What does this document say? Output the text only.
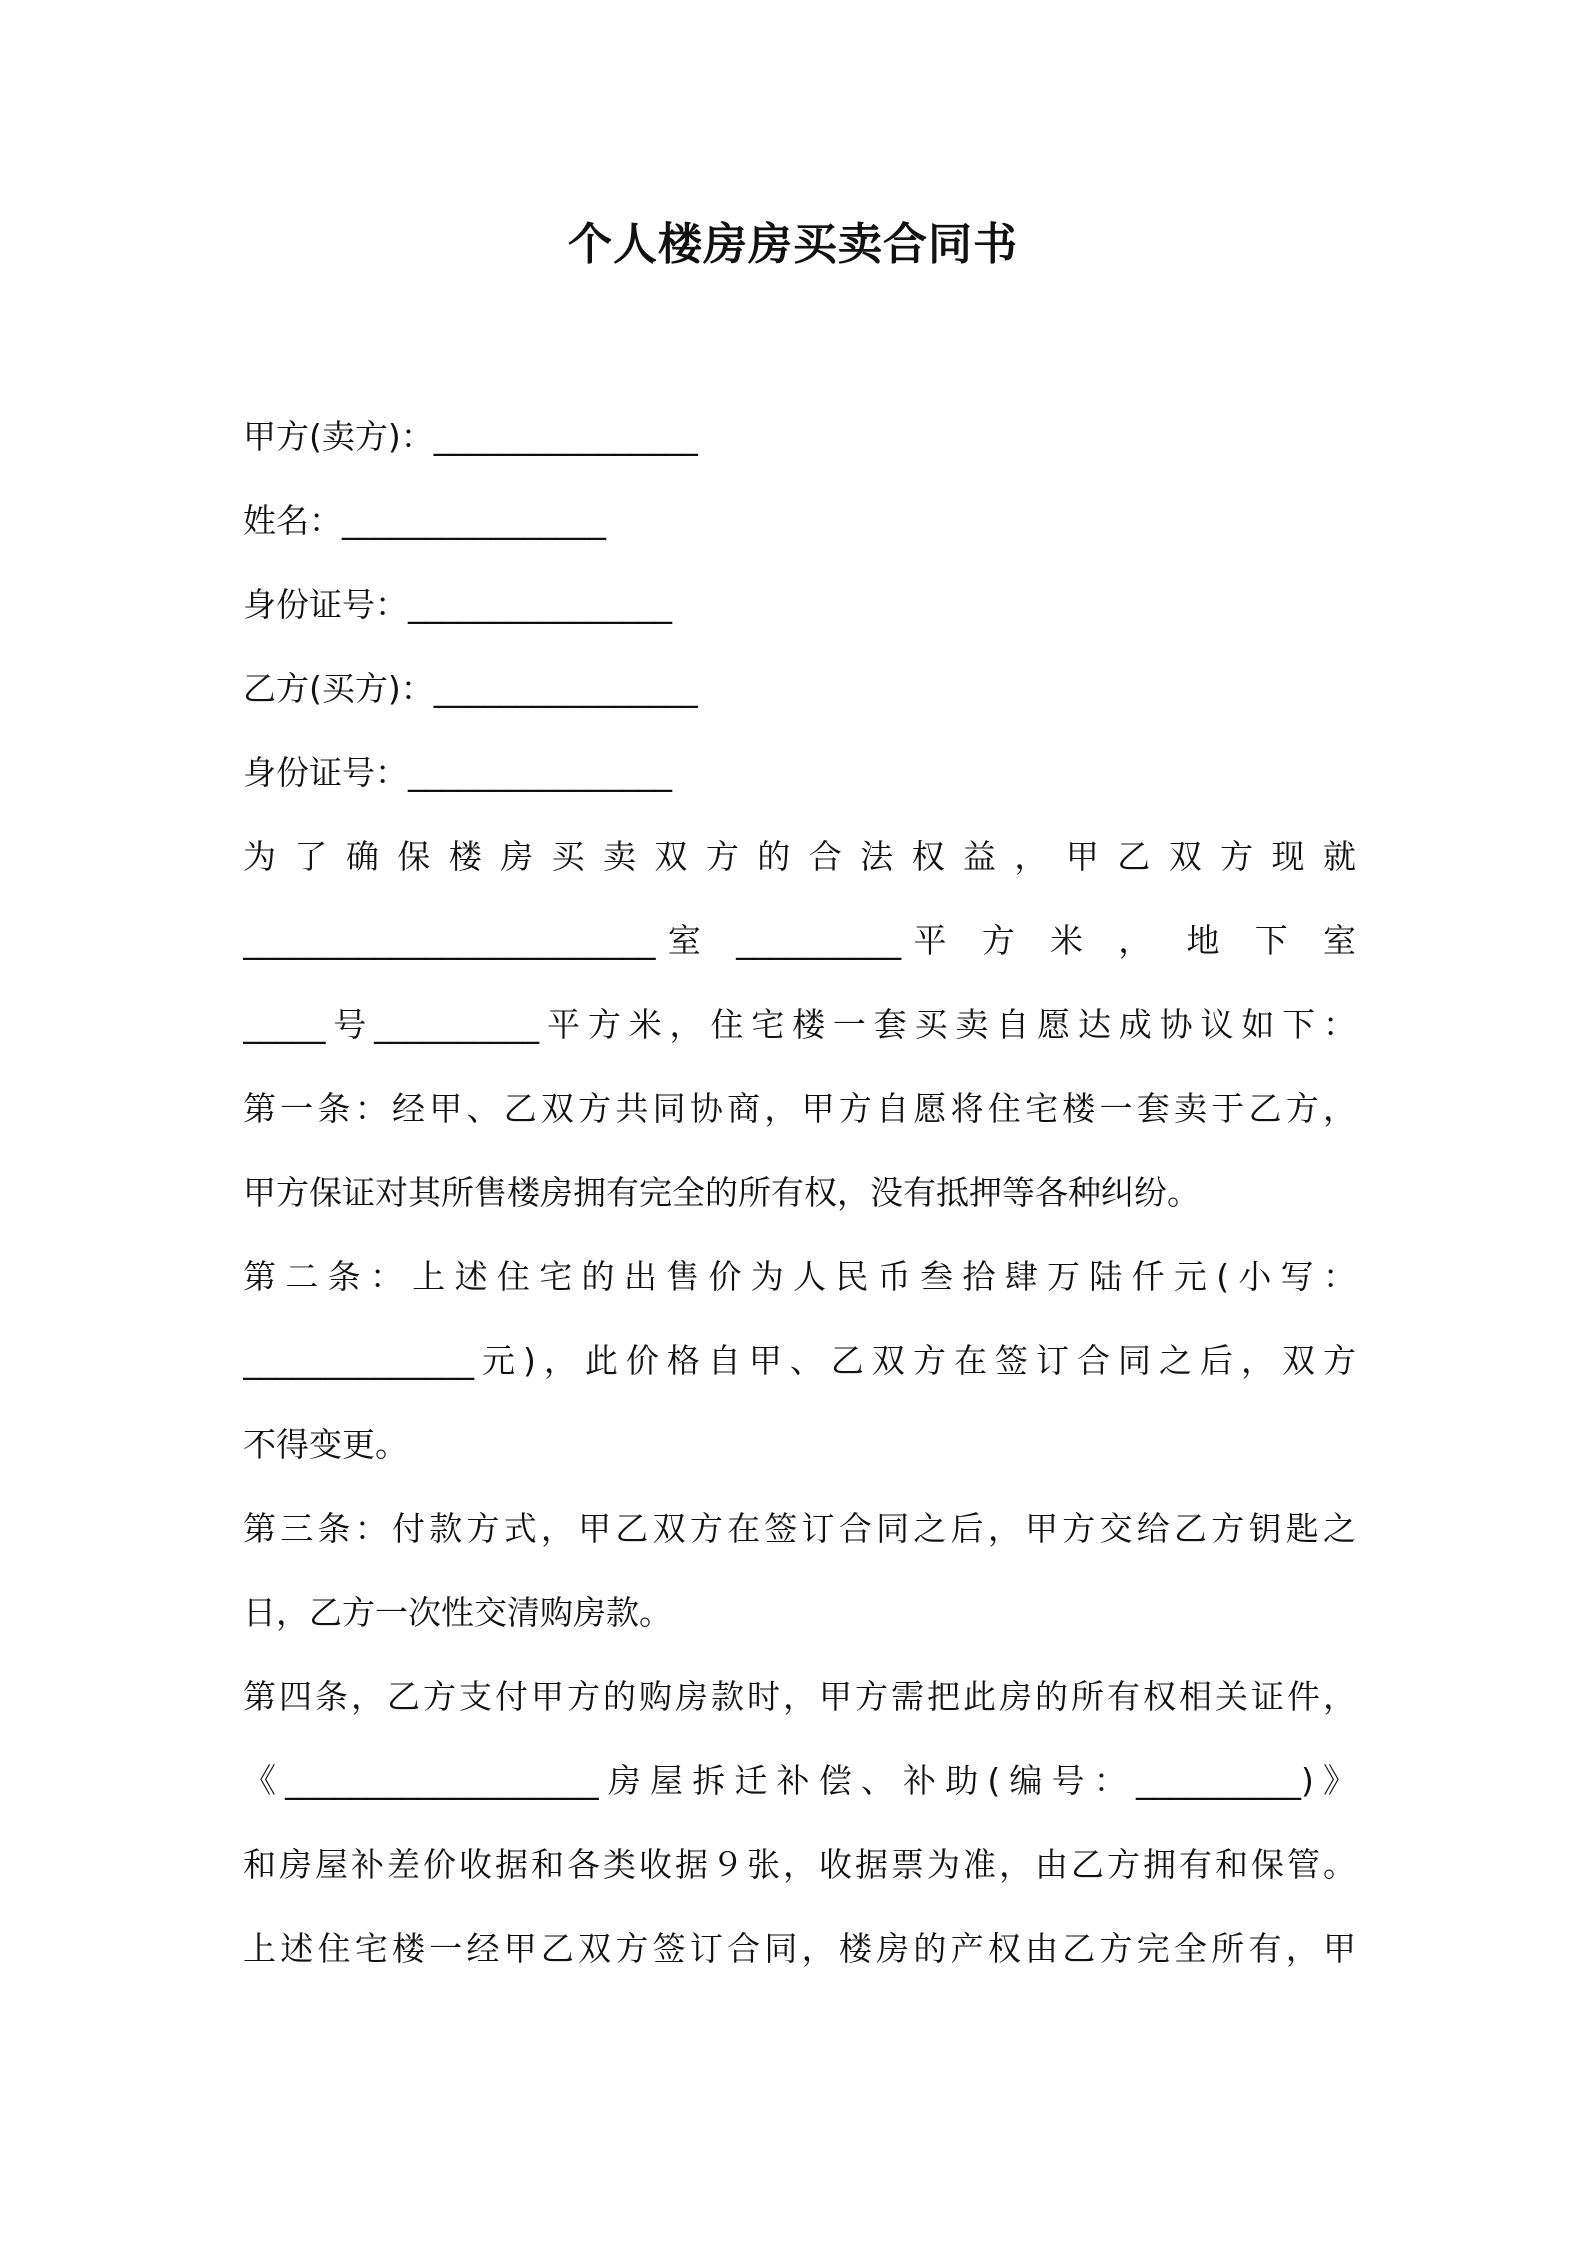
个人楼房房买卖合同书
甲方(卖方)：________________
姓名：________________
身份证号：________________
乙方(买方)：________________
身份证号：________________
为 了 确 保 楼 房 买 卖 双 方 的 合 法 权 益 ， 甲 乙 双 方 现 就
_________________________室 __________平 方 米 ， 地 下 室
_____号__________平方米，住宅楼一套买卖自愿达成协议如下：
第一条：经甲、乙双方共同协商，甲方自愿将住宅楼一套卖于乙方，
甲方保证对其所售楼房拥有完全的所有权，没有抵押等各种纠纷。
第二条：上述住宅的出售价为人民币叁拾肆万陆仟元(小写：
______________元)，此价格自甲、乙双方在签订合同之后，双方
不得变更。
第三条：付款方式，甲乙双方在签订合同之后，甲方交给乙方钥匙之
日，乙方一次性交清购房款。
第四条，乙方支付甲方的购房款时，甲方需把此房的所有权相关证件，
《___________________房屋拆迁补偿、补助(编号：__________)》
和房屋补差价收据和各类收据９张，收据票为准，由乙方拥有和保管。
上述住宅楼一经甲乙双方签订合同，楼房的产权由乙方完全所有，甲
